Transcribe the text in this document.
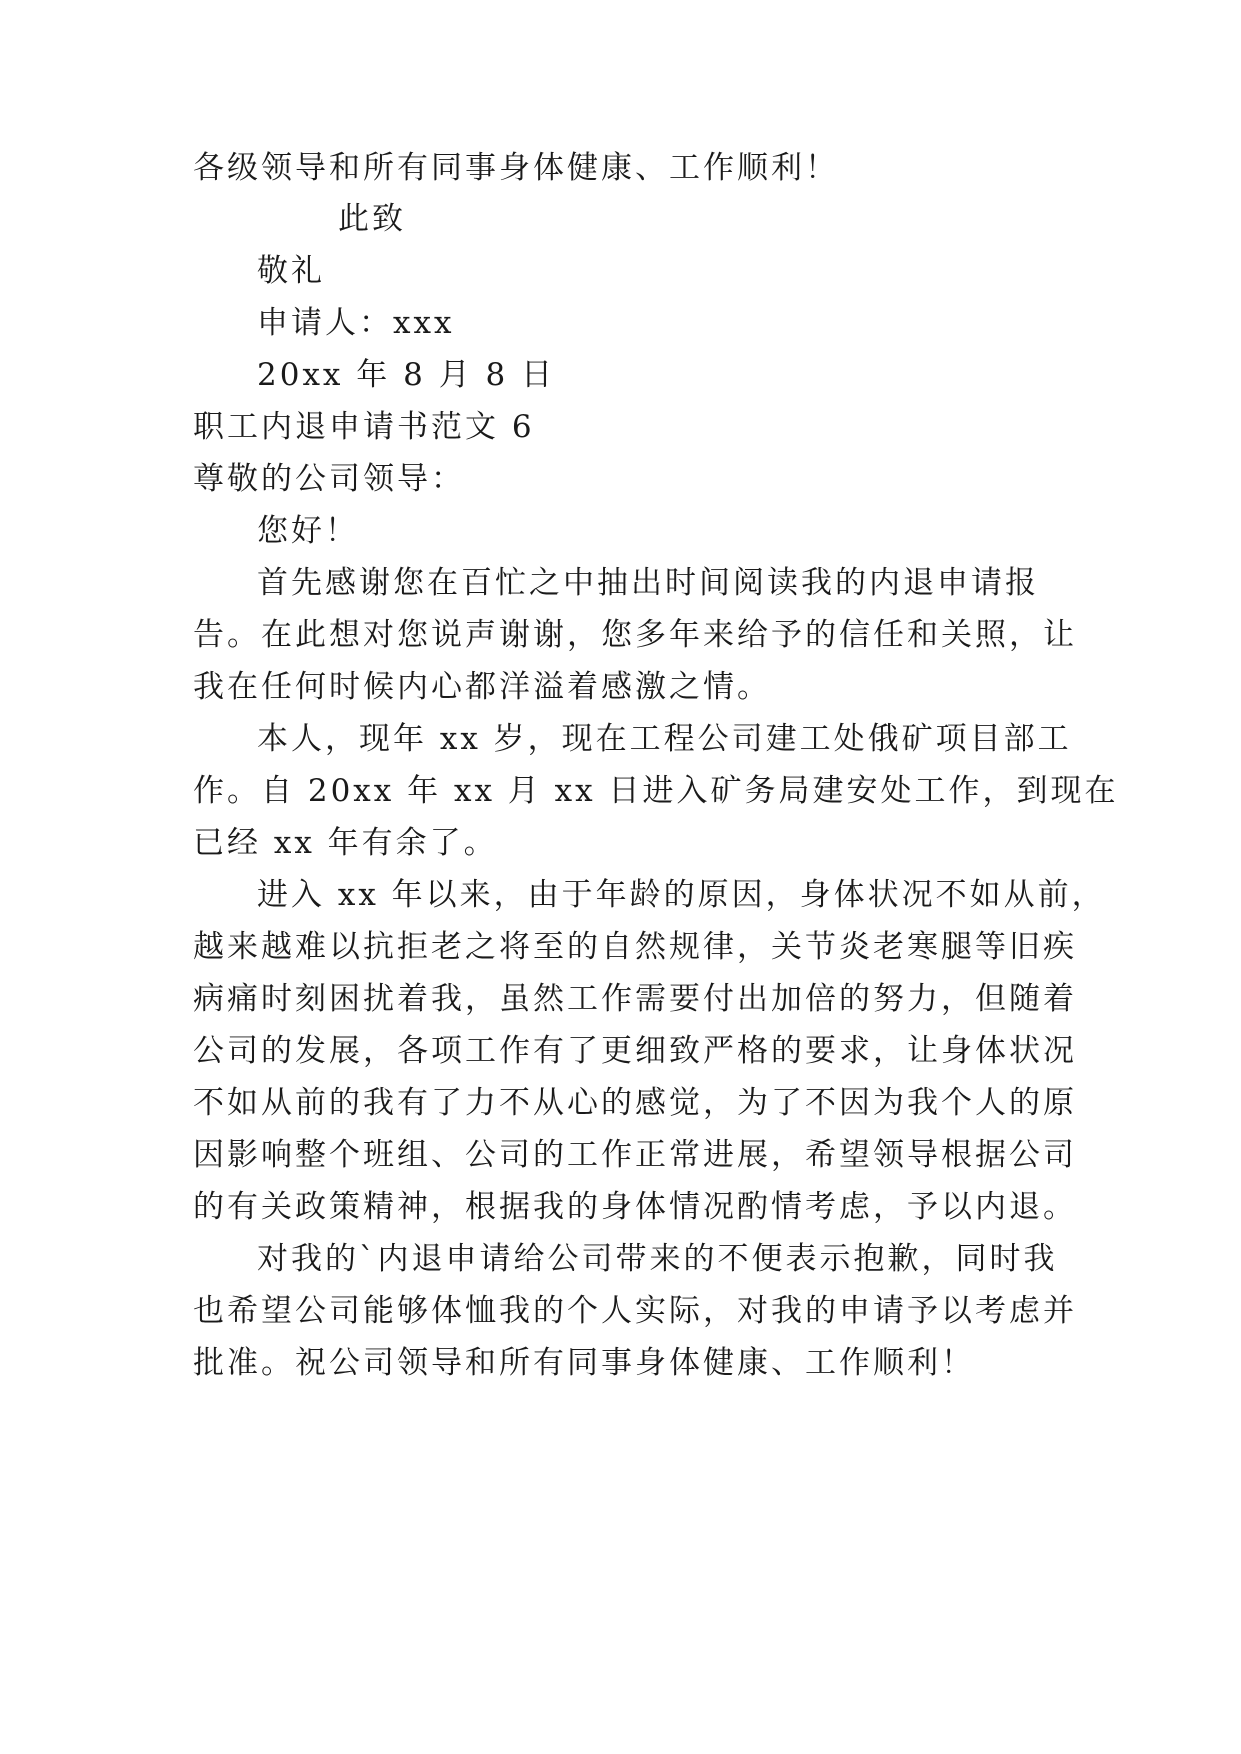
各级领导和所有同事身体健康、工作顺利！
此致
敬礼
申请人：xxx
20xx 年 8 月 8 日
职工内退申请书范文 6
尊敬的公司领导：
您好！
首先感谢您在百忙之中抽出时间阅读我的内退申请报
告。在此想对您说声谢谢，您多年来给予的信任和关照，让
我在任何时候内心都洋溢着感激之情。
本人，现年 xx 岁，现在工程公司建工处俄矿项目部工
作。自 20xx 年 xx 月 xx 日进入矿务局建安处工作，到现在
已经 xx 年有余了。
进入 xx 年以来，由于年龄的原因，身体状况不如从前，
越来越难以抗拒老之将至的自然规律，关节炎老寒腿等旧疾
病痛时刻困扰着我，虽然工作需要付出加倍的努力，但随着
公司的发展，各项工作有了更细致严格的要求，让身体状况
不如从前的我有了力不从心的感觉，为了不因为我个人的原
因影响整个班组、公司的工作正常进展，希望领导根据公司
的有关政策精神，根据我的身体情况酌情考虑，予以内退。
对我的`内退申请给公司带来的不便表示抱歉，同时我
也希望公司能够体恤我的个人实际，对我的申请予以考虑并
批准。祝公司领导和所有同事身体健康、工作顺利！
